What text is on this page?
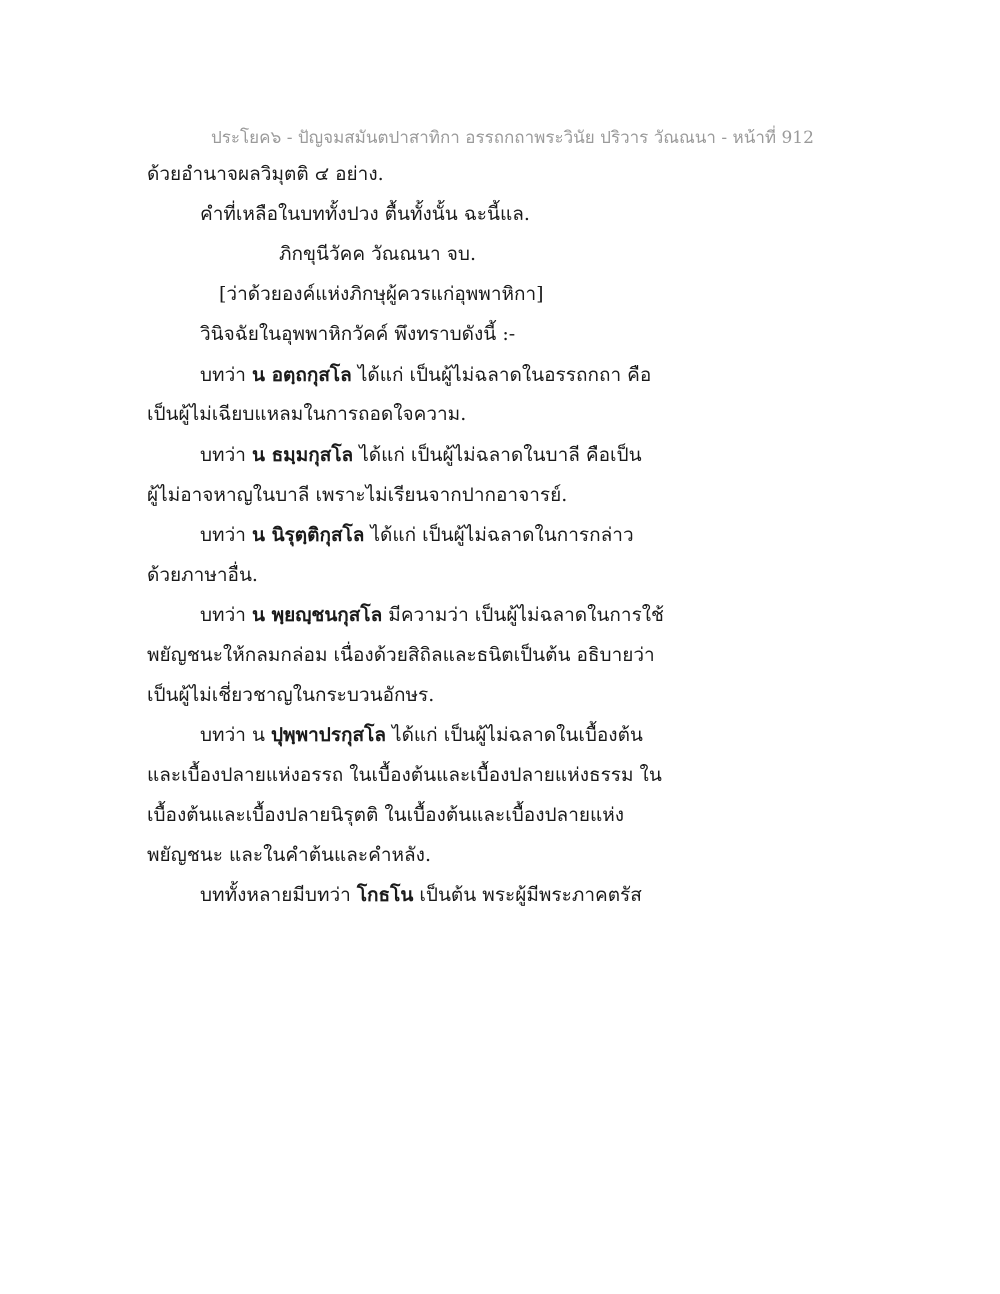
ประโยค๖ - ปัญจมสมันตปาสาทิกา อรรถกถาพระวินัย ปริวาร วัณณนา - หน้าที่ 912
ด้วยอำนาจผลวิมุตติ ๔ อย่าง.
คำที่เหลือในบททั้งปวง ตื้นทั้งนั้น ฉะนี้แล.
ภิกขุนีวัคค วัณณนา จบ.
[ว่าด้วยองค์แห่งภิกษุผู้ควรแก่อุพพาหิกา]
วินิจฉัยในอุพพาหิกวัคค์ พึงทราบดังนี้ :-
บทว่า น อตฺถกุสโล ได้แก่ เป็นผู้ไม่ฉลาดในอรรถกถา คือ
เป็นผู้ไม่เฉียบแหลมในการถอดใจความ.
บทว่า น ธมฺมกุสโล ได้แก่ เป็นผู้ไม่ฉลาดในบาลี คือเป็น
ผู้ไม่อาจหาญในบาลี เพราะไม่เรียนจากปากอาจารย์.
บทว่า น นิรุตฺติกุสโล ได้แก่ เป็นผู้ไม่ฉลาดในการกล่าว
ด้วยภาษาอื่น.
บทว่า น พฺยญฺชนกุสโล มีความว่า เป็นผู้ไม่ฉลาดในการใช้
พยัญชนะให้กลมกล่อม เนื่องด้วยสิถิลและธนิตเป็นต้น อธิบายว่า
เป็นผู้ไม่เชี่ยวชาญในกระบวนอักษร.
บทว่า น ปุพฺพาปรกุสโล ได้แก่ เป็นผู้ไม่ฉลาดในเบื้องต้น
และเบื้องปลายแห่งอรรถ ในเบื้องต้นและเบื้องปลายแห่งธรรม ใน
เบื้องต้นและเบื้องปลายนิรุตติ ในเบื้องต้นและเบื้องปลายแห่ง
พยัญชนะ และในคำต้นและคำหลัง.
บททั้งหลายมีบทว่า โกธโน เป็นต้น พระผู้มีพระภาคตรัส
